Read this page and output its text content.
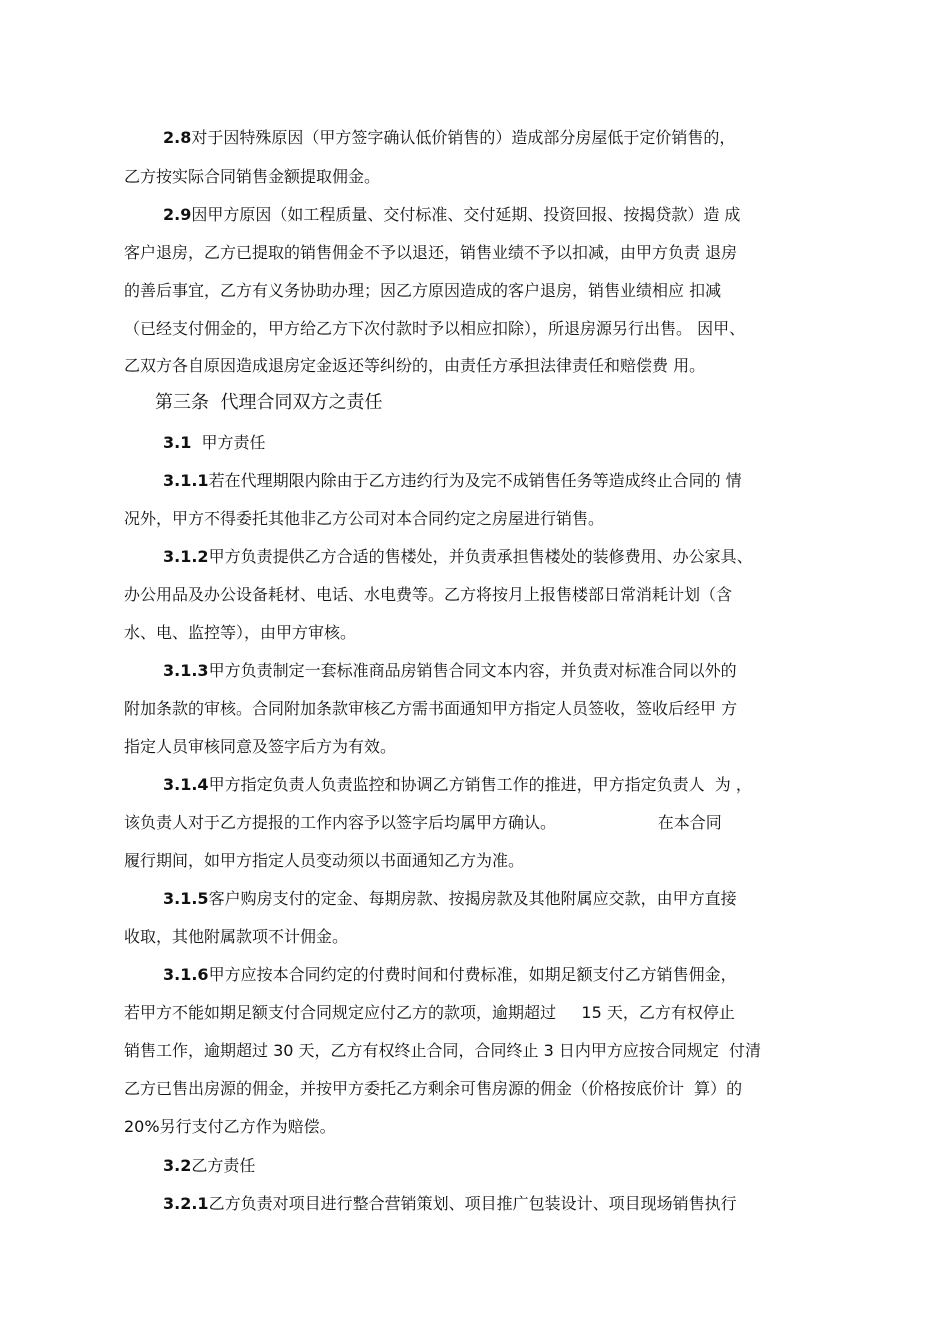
2.8对于因特殊原因（甲方签字确认低价销售的）造成部分房屋低于定价销售的，
乙方按实际合同销售金额提取佣金。
2.9因甲方原因（如工程质量、交付标准、交付延期、投资回报、按揭贷款）造 成
客户退房，乙方已提取的销售佣金不予以退还，销售业绩不予以扣减，由甲方负责 退房
的善后事宜，乙方有义务协助办理；因乙方原因造成的客户退房，销售业绩相应 扣减
（已经支付佣金的，甲方给乙方下次付款时予以相应扣除），所退房源另行出售。 因甲、
乙双方各自原因造成退房定金返还等纠纷的，由责任方承担法律责任和赔偿费 用。
第三条  代理合同双方之责任
3.1  甲方责任
3.1.1若在代理期限内除由于乙方违约行为及完不成销售任务等造成终止合同的 情
况外，甲方不得委托其他非乙方公司对本合同约定之房屋进行销售。
3.1.2甲方负责提供乙方合适的售楼处，并负责承担售楼处的装修费用、办公家具、
办公用品及办公设备耗材、电话、水电费等。乙方将按月上报售楼部日常消耗计划（含
水、电、监控等），由甲方审核。
3.1.3甲方负责制定一套标准商品房销售合同文本内容，并负责对标准合同以外的
附加条款的审核。合同附加条款审核乙方需书面通知甲方指定人员签收，签收后经甲 方
指定人员审核同意及签字后方为有效。
3.1.4甲方指定负责人负责监控和协调乙方销售工作的推进，甲方指定负责人  为 ，
该负责人对于乙方提报的工作内容予以签字后均属甲方确认。                    在本合同
履行期间，如甲方指定人员变动须以书面通知乙方为准。
3.1.5客户购房支付的定金、每期房款、按揭房款及其他附属应交款，由甲方直接
收取，其他附属款项不计佣金。
3.1.6甲方应按本合同约定的付费时间和付费标准，如期足额支付乙方销售佣金，
若甲方不能如期足额支付合同规定应付乙方的款项，逾期超过     15 天，乙方有权停止
销售工作，逾期超过 30 天，乙方有权终止合同，合同终止 3 日内甲方应按合同规定  付清
乙方已售出房源的佣金，并按甲方委托乙方剩余可售房源的佣金（价格按底价计  算）的
20%另行支付乙方作为赔偿。
3.2乙方责任
3.2.1乙方负责对项目进行整合营销策划、项目推广包装设计、项目现场销售执行
